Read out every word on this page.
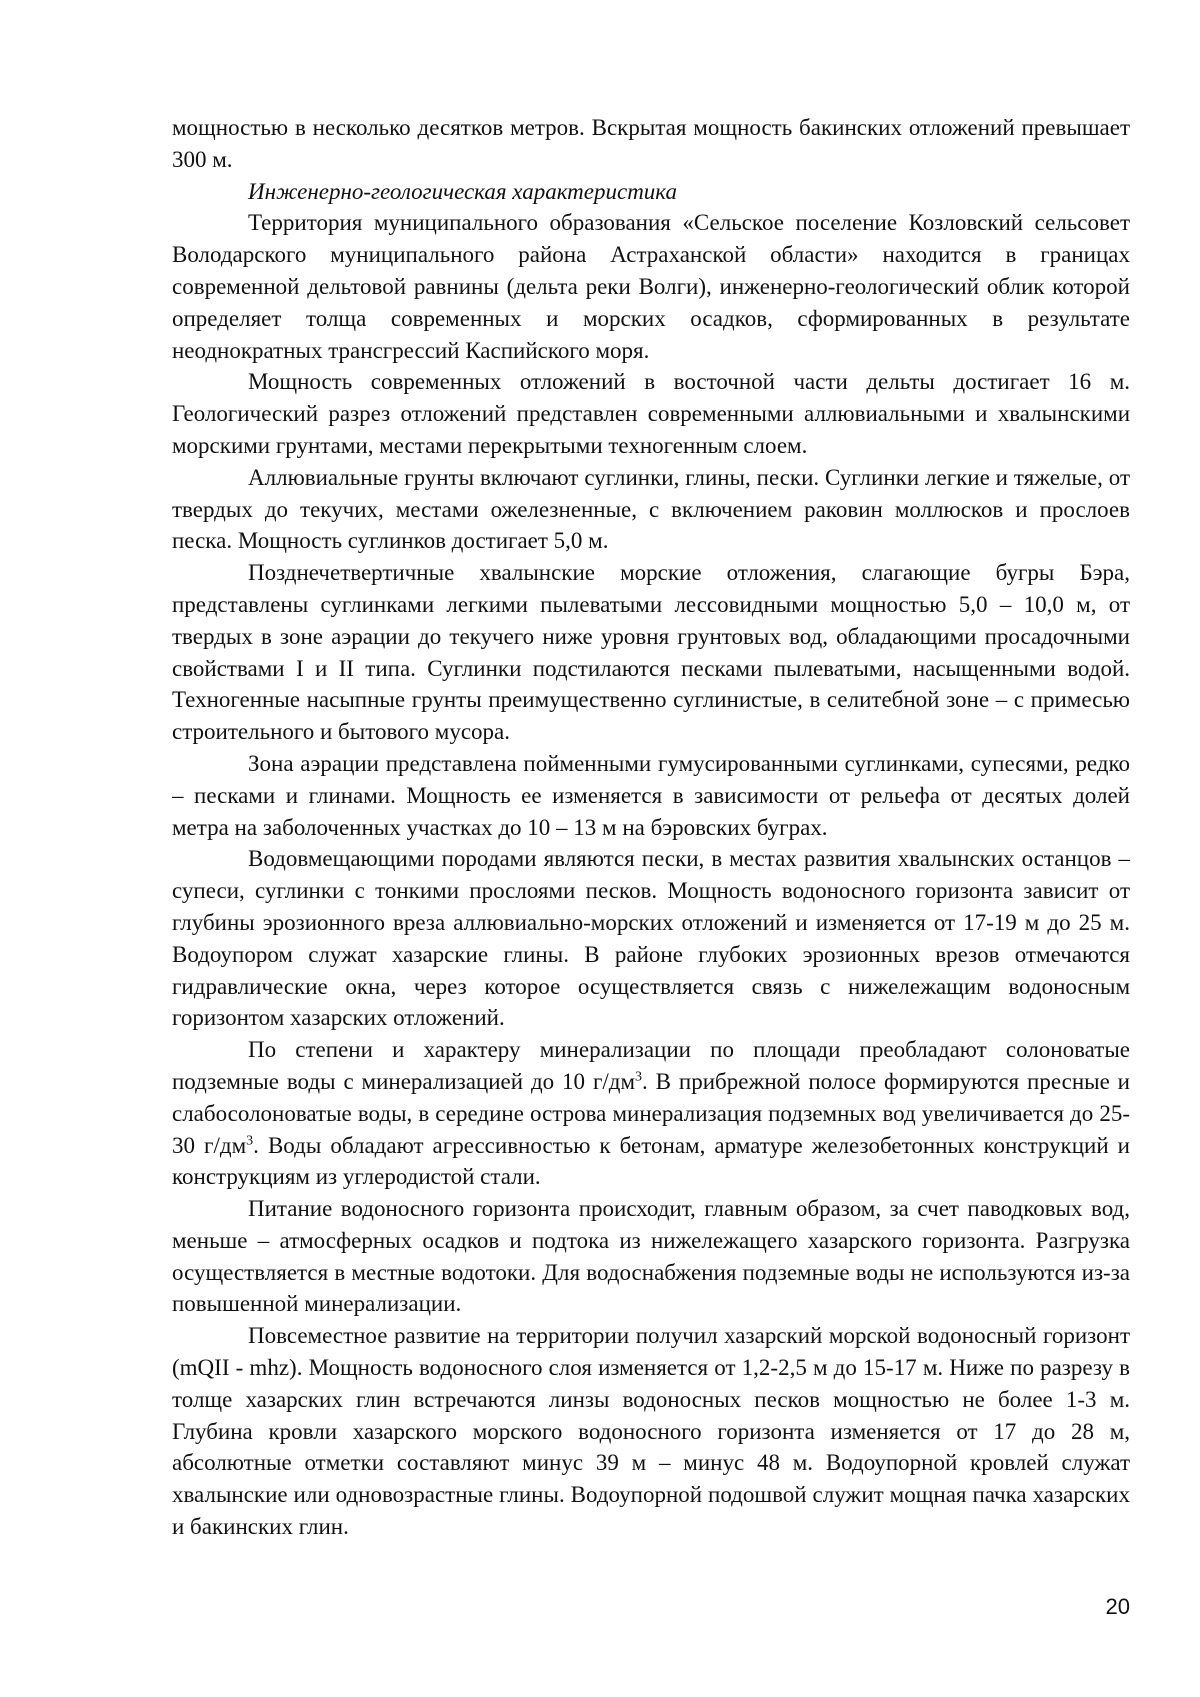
мощностью в несколько десятков метров. Вскрытая мощность бакинских отложений превышает 300 м.

Инженерно-геологическая характеристика

Территория муниципального образования «Сельское поселение Козловский сельсовет Володарского муниципального района Астраханской области» находится в границах современной дельтовой равнины (дельта реки Волги), инженерно-геологический облик которой определяет толща современных и морских осадков, сформированных в результате неоднократных трансгрессий Каспийского моря.

Мощность современных отложений в восточной части дельты достигает 16 м. Геологический разрез отложений представлен современными аллювиальными и хвалынскими морскими грунтами, местами перекрытыми техногенным слоем.

Аллювиальные грунты включают суглинки, глины, пески. Суглинки легкие и тяжелые, от твердых до текучих, местами ожелезненные, с включением раковин моллюсков и прослоев песка. Мощность суглинков достигает 5,0 м.

Позднечетвертичные хвалынские морские отложения, слагающие бугры Бэра, представлены суглинками легкими пылеватыми лессовидными мощностью 5,0 – 10,0 м, от твердых в зоне аэрации до текучего ниже уровня грунтовых вод, обладающими просадочными свойствами I и II типа. Суглинки подстилаются песками пылеватыми, насыщенными водой. Техногенные насыпные грунты преимущественно суглинистые, в селитебной зоне – с примесью строительного и бытового мусора.

Зона аэрации представлена пойменными гумусированными суглинками, супесями, редко – песками и глинами. Мощность ее изменяется в зависимости от рельефа от десятых долей метра на заболоченных участках до 10 – 13 м на бэровских буграх.

Водовмещающими породами являются пески, в местах развития хвалынских останцов – супеси, суглинки с тонкими прослоями песков. Мощность водоносного горизонта зависит от глубины эрозионного вреза аллювиально-морских отложений и изменяется от 17-19 м до 25 м. Водоупором служат хазарские глины. В районе глубоких эрозионных врезов отмечаются гидравлические окна, через которое осуществляется связь с нижележащим водоносным горизонтом хазарских отложений.

По степени и характеру минерализации по площади преобладают солоноватые подземные воды с минерализацией до 10 $г/дм^3$. В прибрежной полосе формируются пресные и слабосолоноватые воды, в середине острова минерализация подземных вод увеличивается до 25-30 $г/дм^3$. Воды обладают агрессивностью к бетонам, арматуре железобетонных конструкций и конструкциям из углеродистой стали.

Питание водоносного горизонта происходит, главным образом, за счет паводковых вод, меньше – атмосферных осадков и подтока из нижележащего хазарского горизонта. Разгрузка осуществляется в местные водотоки. Для водоснабжения подземные воды не используются из-за повышенной минерализации.

Повсеместное развитие на территории получил хазарский морской водоносный горизонт (mQII - mhz). Мощность водоносного слоя изменяется от 1,2-2,5 м до 15-17 м. Ниже по разрезу в толще хазарских глин встречаются линзы водоносных песков мощностью не более 1-3 м. Глубина кровли хазарского морского водоносного горизонта изменяется от 17 до 28 м, абсолютные отметки составляют минус 39 м – минус 48 м. Водоупорной кровлей служат хвалынские или одновозрастные глины. Водоупорной подошвой служит мощная пачка хазарских и бакинских глин.

20
